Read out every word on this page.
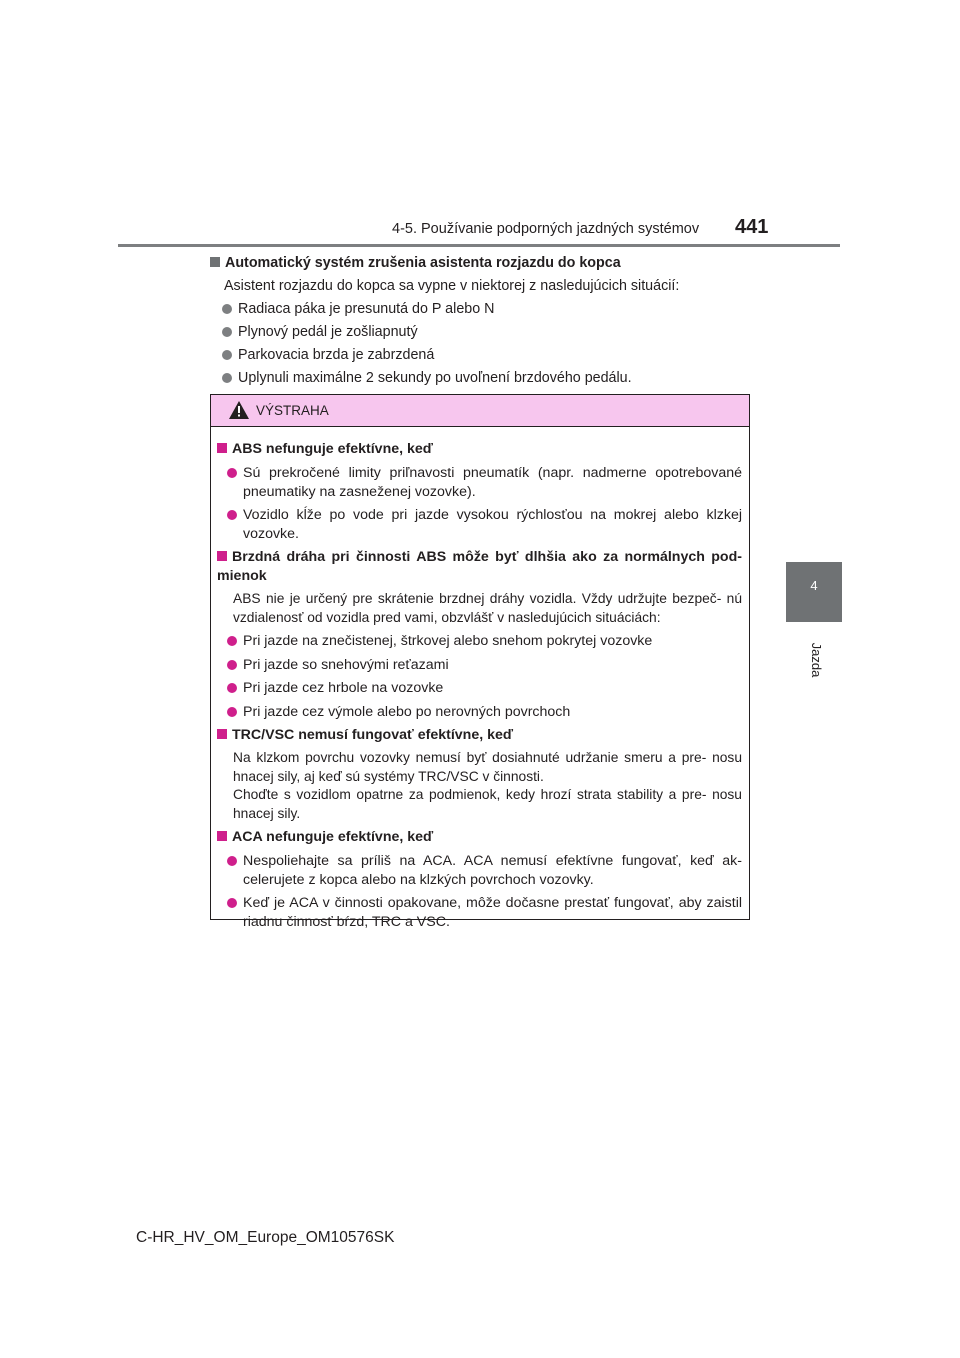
4-5. Používanie podporných jazdných systémov 441
4
Jazda
Automatický systém zrušenia asistenta rozjazdu do kopca
Asistent rozjazdu do kopca sa vypne v niektorej z nasledujúcich situácií:
Radiaca páka je presunutá do P alebo N
Plynový pedál je zošliapnutý
Parkovacia brzda je zabrzdená
Uplynuli maximálne 2 sekundy po uvoľnení brzdového pedálu.
VÝSTRAHA
ABS nefunguje efektívne, keď
Sú prekročené limity priľnavosti pneumatík (napr. nadmerne opotrebované pneumatiky na zasneženej vozovke).
Vozidlo kĺže po vode pri jazde vysokou rýchlosťou na mokrej alebo klzkej vozovke.
Brzdná dráha pri činnosti ABS môže byť dlhšia ako za normálnych pod- mienok
ABS nie je určený pre skrátenie brzdnej dráhy vozidla. Vždy udržujte bezpeč- nú vzdialenosť od vozidla pred vami, obzvlášť v nasledujúcich situáciách:
Pri jazde na znečistenej, štrkovej alebo snehom pokrytej vozovke
Pri jazde so snehovými reťazami
Pri jazde cez hrbole na vozovke
Pri jazde cez výmole alebo po nerovných povrchoch
TRC/VSC nemusí fungovať efektívne, keď
Na klzkom povrchu vozovky nemusí byť dosiahnuté udržanie smeru a pre- nosu hnacej sily, aj keď sú systémy TRC/VSC v činnosti.
Choďte s vozidlom opatrne za podmienok, kedy hrozí strata stability a pre- nosu hnacej sily.
ACA nefunguje efektívne, keď
Nespoliehajte sa príliš na ACA. ACA nemusí efektívne fungovať, keď ak- celerujete z kopca alebo na klzkých povrchoch vozovky.
Keď je ACA v činnosti opakovane, môže dočasne prestať fungovať, aby zaistil riadnu činnosť bŕzd, TRC a VSC.
C-HR_HV_OM_Europe_OM10576SK
